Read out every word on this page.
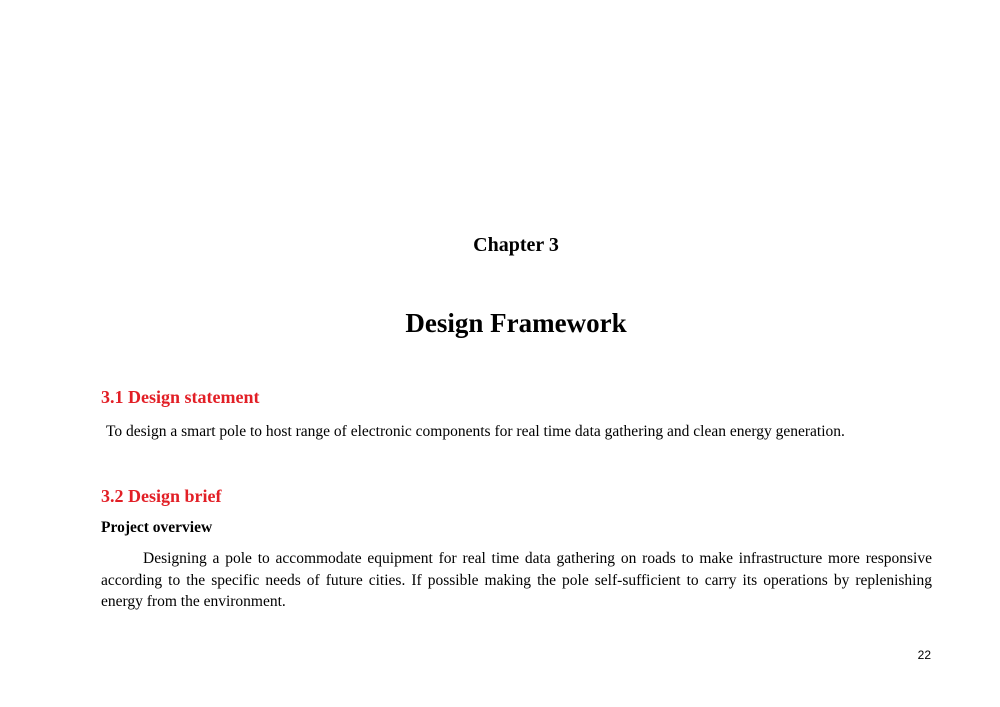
Chapter 3
Design Framework
3.1 Design statement
To design a smart pole to host range of electronic components for real time data gathering and clean energy generation.
3.2 Design brief
Project overview

Designing a pole to accommodate equipment for real time data gathering on roads to make infrastructure more responsive according to the specific needs of future cities. If possible making the pole self-sufficient to carry its operations by replenishing energy from the environment.

22
